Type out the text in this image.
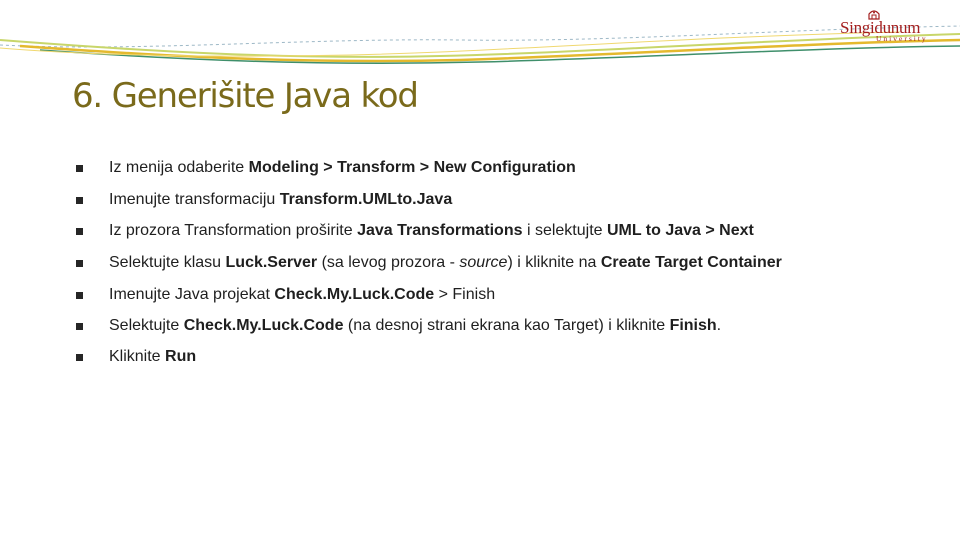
Singidunum
University
6. Generišite Java kod
Iz menija odaberite Modeling > Transform > New Configuration
Imenujte transformaciju Transform.UMLto.Java
Iz prozora Transformation proširite Java Transformations i selektujte UML to Java > Next
Selektujte klasu Luck.Server (sa levog prozora - source) i kliknite na Create Target Container
Imenujte Java projekat Check.My.Luck.Code > Finish
Selektujte Check.My.Luck.Code (na desnoj strani ekrana kao Target) i kliknite Finish.
Kliknite Run
